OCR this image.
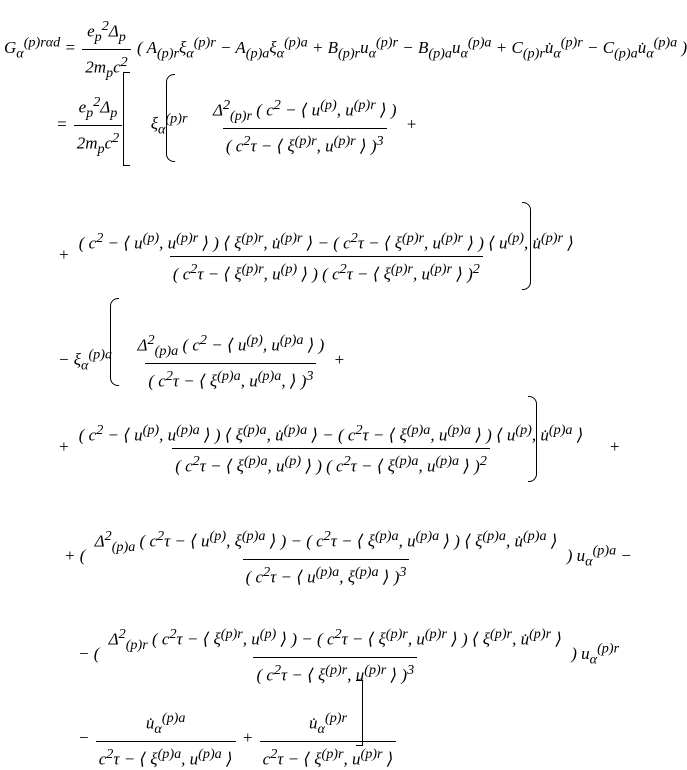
$G_\alpha^{(p)r\alpha d} = \frac{e_p^2\Delta_p}{2m_pc^2}$ ( $A_{(p)r}\xi_\alpha^{(p)r} - A_{(p)a}\xi_\alpha^{(p)a} + B_{(p)r}u_\alpha^{(p)r} - B_{(p)a}u_\alpha^{(p)a}$ + $C_{(p)r}u̇_\alpha^{(p)r}$ − $C_{(p)a}u̇_\alpha^{(p)a}$ )
= $\frac{e_p^2\Delta_p}{2m_pc^2} \xi_\alpha^{(p)r} \frac{\Delta^2_{(p)r} ( c^2 - ⟨ u^{(p)}, u^{(p)r} ⟩ )}{( c^2\tau - ⟨ \xi^{(p)r}, u^{(p)r} ⟩ )^3}$ +
+
( $c^2$ − ⟨ $u^{(p)}$, $u^{(p)r}$ ⟩ ) ⟨ $\xi^{(p)r}$, u̇$^{(p)r}$ ⟩ − ( $c^2\tau$ − ⟨ $\xi^{(p)r}$, $u^{(p)r}$ ⟩ ) ⟨ $u^{(p)}$, u̇$^{(p)r}$ ⟩
( $c^2\tau$ − ⟨ $\xi^{(p)r}$, $u^{(p)}$ ⟩ ) ( $c^2\tau$ − ⟨ $\xi^{(p)r}$, $u^{(p)r}$ ⟩ )$^2$
− $\xi_\alpha^{(p)a} \frac{\Delta^2_{(p)a} ( c^2 - ⟨ u^{(p)}, u^{(p)a} ⟩ )}{( c^2\tau - ⟨ \xi^{(p)a}, u^{(p)a}, ⟩ )^3}$ +
+
( $c^2$ − ⟨ $u^{(p)}$, $u^{(p)a}$ ⟩ ) ⟨ $\xi^{(p)a}$, u̇$^{(p)a}$ ⟩ − ( $c^2\tau$ − ⟨ $\xi^{(p)a}$, $u^{(p)a}$ ⟩ ) ⟨ $u^{(p)}$, u̇$^{(p)a}$ ⟩
( $c^2\tau$ − ⟨ $\xi^{(p)a}$, $u^{(p)}$ ⟩ ) ( $c^2\tau$ − ⟨ $\xi^{(p)a}$, $u^{(p)a}$ ⟩ )$^2$
+
+ (
$\Delta^2_{(p)a}$ ( $c^2\tau$ − ⟨ $u^{(p)}$, $\xi^{(p)a}$ ⟩ ) − ( $c^2\tau$ − ⟨ $\xi^{(p)a}$, $u^{(p)a}$ ⟩ ) ⟨ $\xi^{(p)a}$, u̇$^{(p)a}$ ⟩
( $c^2\tau$ − ⟨ $u^{(p)a}$, $\xi^{(p)a}$ ⟩ )$^3$
) $u_\alpha^{(p)a}$ −
− (
$\Delta^2_{(p)r}$ ( $c^2\tau$ − ⟨ $\xi^{(p)r}$, $u^{(p)}$ ⟩ ) − ( $c^2\tau$ − ⟨ $\xi^{(p)r}$, $u^{(p)r}$ ⟩ ) ⟨ $\xi^{(p)r}$, u̇$^{(p)r}$ ⟩
( $c^2\tau$ − ⟨ $\xi^{(p)r}$, $u^{(p)r}$ ⟩ )$^3$
) $u_\alpha^{(p)r}$
− $\frac{u̇_\alpha^{(p)a}}{c^2\tau - ⟨ \xi^{(p)a}, u^{(p)a} ⟩} + \frac{u̇_\alpha^{(p)r}}{c^2\tau - ⟨ \xi^{(p)r}, u^{(p)r} ⟩}$
